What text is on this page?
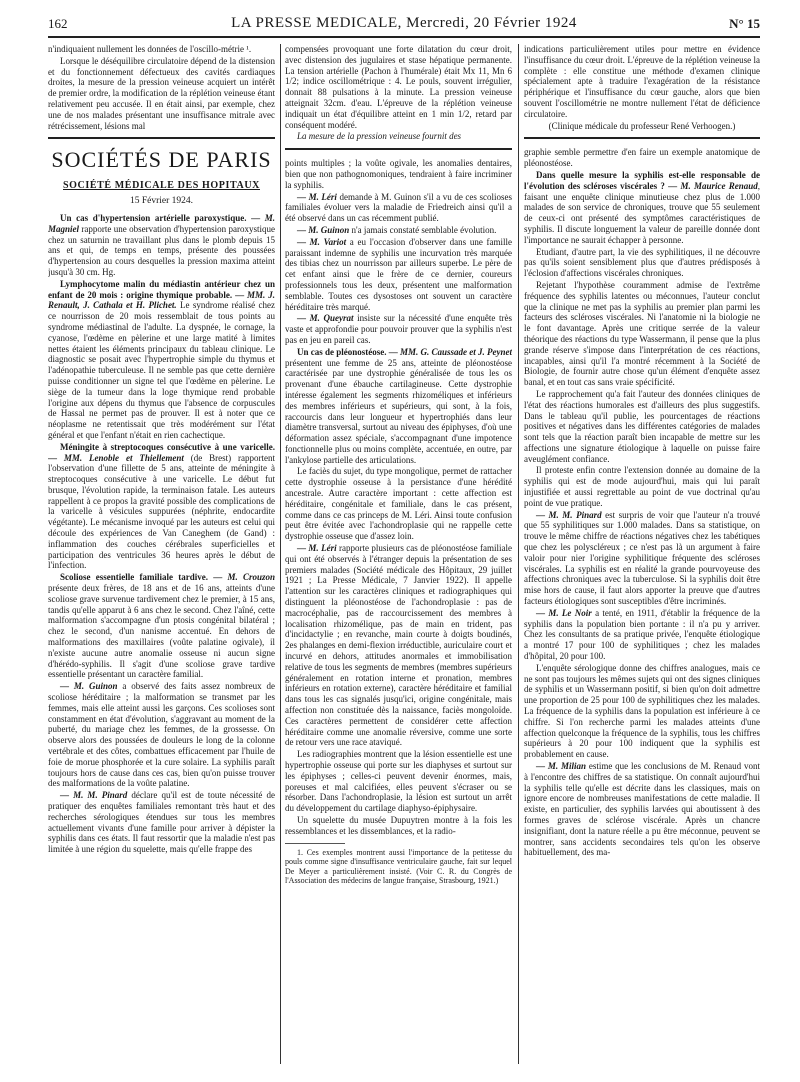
162	LA PRESSE MEDICALE, Mercredi, 20 Février 1924	N° 15

n'indiquaient nullement les données de l'oscillo-métrie ¹.

Lorsque le déséquilibre circulatoire dépend de la distension et du fonctionnement défectueux des cavités cardiaques droites, la mesure de la pression veineuse acquiert un intérêt de premier ordre, la modification de la réplétion veineuse étant relativement peu accusée. Il en était ainsi, par exemple, chez une de nos malades présentant une insuffisance mitrale avec rétrécissement, lésions mal

SOCIÉTÉS DE PARIS
SOCIÉTÉ MÉDICALE DES HOPITAUX
15 Février 1924.

Un cas d'hypertension artérielle paroxystique. — M. Magniel rapporte une observation d'hypertension paroxystique chez un saturnin ne travaillant plus dans le plomb depuis 15 ans et qui, de temps en temps, présente des poussées d'hypertension au cours desquelles la pression maxima atteint jusqu'à 30 cm. Hg.

Lymphocytome malin du médiastin antérieur chez un enfant de 20 mois : origine thymique probable. — MM. J. Renault, J. Cathala et H. Plichet. Le syndrome réalisé chez ce nourrisson de 20 mois ressemblait de tous points au syndrome médiastinal de l'adulte. La dyspnée, le cornage, la cyanose, l'œdème en pèlerine et une large matité à limites nettes étaient les éléments principaux du tableau clinique. Le diagnostic se posait avec l'hypertrophie simple du thymus et l'adénopathie tuberculeuse. Il ne semble pas que cette dernière puisse conditionner un signe tel que l'œdème en pèlerine. Le siège de la tumeur dans la loge thymique rend probable l'origine aux dépens du thymus que l'absence de corpuscules de Hassal ne permet pas de prouver. Il est à noter que ce néoplasme ne retentissait que très modérément sur l'état général et que l'enfant n'était en rien cachectique.

Méningite à streptocoques consécutive à une varicelle. — MM. Lenoble et Thiellement (de Brest) rapportent l'observation d'une fillette de 5 ans, atteinte de méningite à streptocoques consécutive à une varicelle. Le début fut brusque, l'évolution rapide, la terminaison fatale. Les auteurs rappellent à ce propos la gravité possible des complications de la varicelle à vésicules suppurées (néphrite, endocardite végétante). Le mécanisme invoqué par les auteurs est celui qui découle des expériences de Van Caneghem (de Gand) : inflammation des couches cérébrales superficielles et participation des ventricules 36 heures après le début de l'infection.

Scoliose essentielle familiale tardive. — M. Crouzon présente deux frères, de 18 ans et de 16 ans, atteints d'une scoliose grave survenue tardivement chez le premier, à 15 ans, tandis qu'elle apparut à 6 ans chez le second. Chez l'aîné, cette malformation s'accompagne d'un ptosis congénital bilatéral ; chez le second, d'un nanisme accentué. En dehors de malformations des maxillaires (voûte palatine ogivale), il n'existe aucune autre anomalie osseuse ni aucun signe d'hérédo-syphilis. Il s'agit d'une scoliose grave tardive essentielle présentant un caractère familial.

— M. Guinon a observé des faits assez nombreux de scoliose héréditaire ; la malformation se transmet par les femmes, mais elle atteint aussi les garçons. Ces scolioses sont constamment en état d'évolution, s'aggravant au moment de la puberté, du mariage chez les femmes, de la grossesse. On observe alors des poussées de douleurs le long de la colonne vertébrale et des côtes, combattues efficacement par l'huile de foie de morue phosphorée et la cure solaire. La syphilis paraît toujours hors de cause dans ces cas, bien qu'on puisse trouver des malformations de la voûte palatine.

— M. M. Pinard déclare qu'il est de toute nécessité de pratiquer des enquêtes familiales remontant très haut et des recherches sérologiques étendues sur tous les membres actuellement vivants d'une famille pour arriver à dépister la syphilis dans ces états. Il faut ressortir que la maladie n'est pas limitée à une région du squelette, mais qu'elle frappe des

compensées provoquant une forte dilatation du cœur droit, avec distension des jugulaires et stase hépatique permanente. La tension artérielle (Pachon à l'humérale) était Mx 11, Mn 6 1/2; indice oscillométrique : 4. Le pouls, souvent irrégulier, donnait 88 pulsations à la minute. La pression veineuse atteignait 32cm. d'eau. L'épreuve de la réplétion veineuse indiquait un état d'équilibre atteint en 1 min 1/2, retard par conséquent modéré.

La mesure de la pression veineuse fournit des

points multiples ; la voûte ogivale, les anomalies dentaires, bien que non pathognomoniques, tendraient à faire incriminer la syphilis.

— M. Léri demande à M. Guinon s'il a vu de ces scolioses familiales évoluer vers la maladie de Friedreich ainsi qu'il a été observé dans un cas récemment publié.

— M. Guinon n'a jamais constaté semblable évolution.

— M. Variot a eu l'occasion d'observer dans une famille paraissant indemne de syphilis une incurvation très marquée des tibias chez un nourrisson par ailleurs superbe. Le père de cet enfant ainsi que le frère de ce dernier, coureurs professionnels tous les deux, présentent une malformation semblable. Toutes ces dysostoses ont souvent un caractère héréditaire très marqué.

— M. Queyrat insiste sur la nécessité d'une enquête très vaste et approfondie pour pouvoir prouver que la syphilis n'est pas en jeu en pareil cas.

Un cas de pléonostéose. — MM. G. Caussade et J. Peynet présentent une femme de 25 ans, atteinte de pléonostéose caractérisée par une dystrophie généralisée de tous les os provenant d'une ébauche cartilagineuse. Cette dystrophie intéresse également les segments rhizoméliques et inférieurs des membres inférieurs et supérieurs, qui sont, à la fois, raccourcis dans leur longueur et hypertrophiés dans leur diamètre transversal, surtout au niveau des épiphyses, d'où une déformation assez spéciale, s'accompagnant d'une impotence fonctionnelle plus ou moins complète, accentuée, en outre, par l'ankylose partielle des articulations.

Le faciès du sujet, du type mongolique, permet de rattacher cette dystrophie osseuse à la persistance d'une hérédité ancestrale. Autre caractère important : cette affection est héréditaire, congénitale et familiale, dans le cas présent, comme dans ce cas princeps de M. Léri. Ainsi toute confusion peut être évitée avec l'achondroplasie qui ne rappelle cette dystrophie osseuse que d'assez loin.

— M. Léri rapporte plusieurs cas de pléonostéose familiale qui ont été observés à l'étranger depuis la présentation de ses premiers malades (Société médicale des Hôpitaux, 29 juillet 1921 ; La Presse Médicale, 7 Janvier 1922). Il appelle l'attention sur les caractères cliniques et radiographiques qui distinguent la pléonostéose de l'achondroplasie : pas de macrocéphalie, pas de raccourcissement des membres à localisation rhizomélique, pas de main en trident, pas d'incidactylie ; en revanche, main courte à doigts boudinés, 2es phalanges en demi-flexion irréductible, auriculaire court et incurvé en dehors, attitudes anormales et immobilisation relative de tous les segments de membres (membres supérieurs généralement en rotation interne et pronation, membres inférieurs en rotation externe), caractère héréditaire et familial dans tous les cas signalés jusqu'ici, origine congénitale, mais affection non constituée dès la naissance, faciès mongoloïde. Ces caractères permettent de considérer cette affection héréditaire comme une anomalie réversive, comme une sorte de retour vers une race ataviqué.

Les radiographies montrent que la lésion essentielle est une hypertrophie osseuse qui porte sur les diaphyses et surtout sur les épiphyses ; celles-ci peuvent devenir énormes, mais, poreuses et mal calcifiées, elles peuvent s'écraser ou se résorber. Dans l'achondroplasie, la lésion est surtout un arrêt du développement du cartilage diaphyso-épiphysaire.

Un squelette du musée Dupuytren montre à la fois les ressemblances et les dissemblances, et la radio-

1. Ces exemples montrent aussi l'importance de la petitesse du pouls comme signe d'insuffisance ventriculaire gauche, fait sur lequel De Meyer a particulièrement insisté. (Voir C. R. du Congrès de l'Association des médecins de langue française, Strasbourg, 1921.)

indications particulièrement utiles pour mettre en évidence l'insuffisance du cœur droit. L'épreuve de la réplétion veineuse la complète : elle constitue une méthode d'examen clinique spécialement apte à traduire l'exagération de la résistance périphérique et l'insuffisance du cœur gauche, alors que bien souvent l'oscillométrie ne montre nullement l'état de déficience circulatoire.

(Clinique médicale du professeur René Verhoogen.)

graphie semble permettre d'en faire un exemple anatomique de pléonostéose.

Dans quelle mesure la syphilis est-elle responsable de l'évolution des scléroses viscérales ? — M. Maurice Renaud, faisant une enquête clinique minutieuse chez plus de 1.000 malades de son service de chroniques, trouve que 55 seulement de ceux-ci ont présenté des symptômes caractéristiques de syphilis. Il discute longuement la valeur de pareille donnée dont l'importance ne saurait échapper à personne.

Etudiant, d'autre part, la vie des syphilitiques, il ne découvre pas qu'ils soient sensiblement plus que d'autres prédisposés à l'éclosion d'affections viscérales chroniques.

Rejetant l'hypothèse couramment admise de l'extrême fréquence des syphilis latentes ou méconnues, l'auteur conclut que la clinique ne met pas la syphilis au premier plan parmi les facteurs des scléroses viscérales. Ni l'anatomie ni la biologie ne le font davantage. Après une critique serrée de la valeur théorique des réactions du type Wassermann, il pense que la plus grande réserve s'impose dans l'interprétation de ces réactions, incapables, ainsi qu'il l'a montré récemment à la Société de Biologie, de fournir autre chose qu'un élément d'enquête assez banal, et en tout cas sans vraie spécificité.

Le rapprochement qu'a fait l'auteur des données cliniques de l'état des réactions humorales est d'ailleurs des plus suggestifs. Dans le tableau qu'il publie, les pourcentages de réactions positives et négatives dans les différentes catégories de malades sont tels que la réaction paraît bien incapable de mettre sur les affections une signature étiologique à laquelle on puisse faire aveuglément confiance.

Il proteste enfin contre l'extension donnée au domaine de la syphilis qui est de mode aujourd'hui, mais qui lui paraît injustifiée et aussi regrettable au point de vue doctrinal qu'au point de vue pratique.

— M. M. Pinard est surpris de voir que l'auteur n'a trouvé que 55 syphilitiques sur 1.000 malades. Dans sa statistique, on trouve le même chiffre de réactions négatives chez les tabétiques que chez les polyscléreux ; ce n'est pas là un argument à faire valoir pour nier l'origine syphilitique fréquente des scléroses viscérales. La syphilis est en réalité la grande pourvoyeuse des affections chroniques avec la tuberculose. Si la syphilis doit être mise hors de cause, il faut alors apporter la preuve que d'autres facteurs étiologiques sont susceptibles d'être incriminés.

— M. Le Noir a tenté, en 1911, d'établir la fréquence de la syphilis dans la population bien portante : il n'a pu y arriver. Chez les consultants de sa pratique privée, l'enquête étiologique a montré 17 pour 100 de syphilitiques ; chez les malades d'hôpital, 20 pour 100.

L'enquête sérologique donne des chiffres analogues, mais ce ne sont pas toujours les mêmes sujets qui ont des signes cliniques de syphilis et un Wassermann positif, si bien qu'on doit admettre une proportion de 25 pour 100 de syphilitiques chez les malades. La fréquence de la syphilis dans la population est inférieure à ce chiffre. Si l'on recherche parmi les malades atteints d'une affection quelconque la fréquence de la syphilis, tous les chiffres supérieurs à 20 pour 100 indiquent que la syphilis est probablement en cause.

— M. Milian estime que les conclusions de M. Renaud vont à l'encontre des chiffres de sa statistique. On connaît aujourd'hui la syphilis telle qu'elle est décrite dans les classiques, mais on ignore encore de nombreuses manifestations de cette maladie. Il existe, en particulier, des syphilis larvées qui aboutissent à des formes graves de sclérose viscérale. Après un chancre insignifiant, dont la nature réelle a pu être méconnue, peuvent se montrer, sans accidents secondaires tels qu'on les observe habituellement, des ma-
